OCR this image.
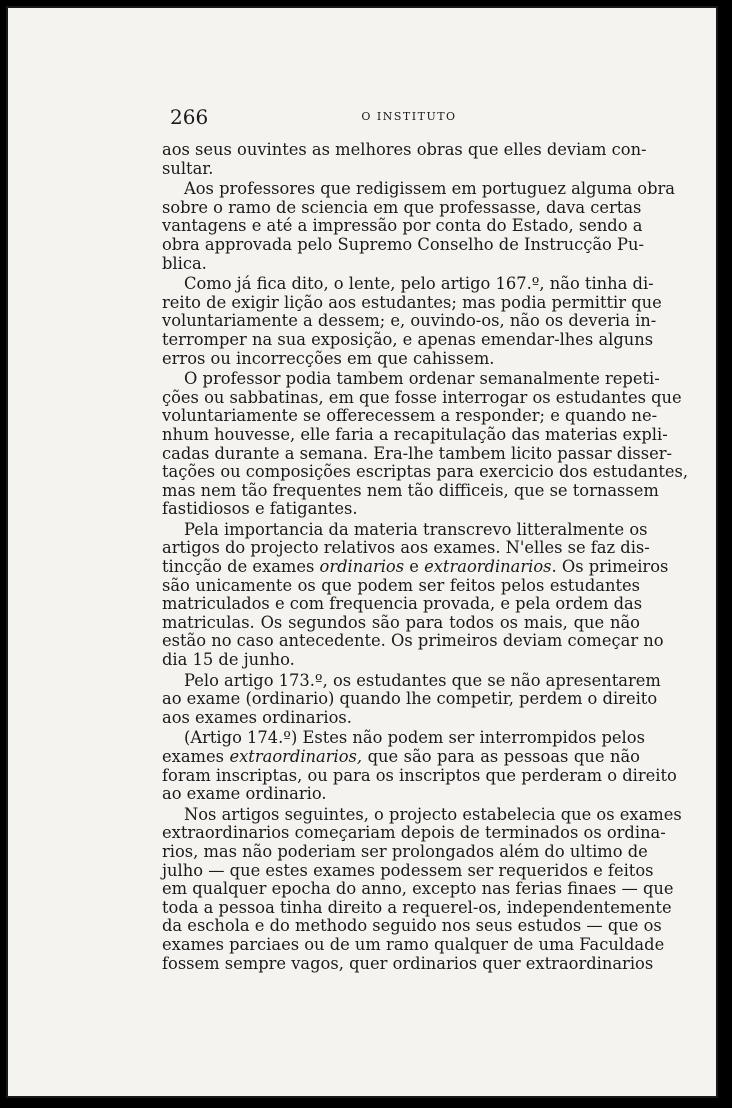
266	O INSTITUTO
aos seus ouvintes as melhores obras que elles deviam con-
sultar.
Aos professores que redigissem em portuguez alguma obra
sobre o ramo de sciencia em que professasse, dava certas
vantagens e até a impressão por conta do Estado, sendo a
obra approvada pelo Supremo Conselho de Instrucção Pu-
blica.
Como já fica dito, o lente, pelo artigo 167.º, não tinha di-
reito de exigir lição aos estudantes; mas podia permittir que
voluntariamente a dessem; e, ouvindo-os, não os deveria in-
terromper na sua exposição, e apenas emendar-lhes alguns
erros ou incorrecções em que cahissem.
O professor podia tambem ordenar semanalmente repeti-
ções ou sabbatinas, em que fosse interrogar os estudantes que
voluntariamente se offerecessem a responder; e quando ne-
nhum houvesse, elle faria a recapitulação das materias expli-
cadas durante a semana. Era-lhe tambem licito passar disser-
tações ou composições escriptas para exercicio dos estudantes,
mas nem tão frequentes nem tão difficeis, que se tornassem
fastidiosos e fatigantes.
Pela importancia da materia transcrevo litteralmente os
artigos do projecto relativos aos exames. N'elles se faz dis-
tincção de exames ordinarios e extraordinarios. Os primeiros
são unicamente os que podem ser feitos pelos estudantes
matriculados e com frequencia provada, e pela ordem das
matriculas. Os segundos são para todos os mais, que não
estão no caso antecedente. Os primeiros deviam começar no
dia 15 de junho.
Pelo artigo 173.º, os estudantes que se não apresentarem
ao exame (ordinario) quando lhe competir, perdem o direito
aos exames ordinarios.
(Artigo 174.º) Estes não podem ser interrompidos pelos
exames extraordinarios, que são para as pessoas que não
foram inscriptas, ou para os inscriptos que perderam o direito
ao exame ordinario.
Nos artigos seguintes, o projecto estabelecia que os exames
extraordinarios começariam depois de terminados os ordina-
rios, mas não poderiam ser prolongados além do ultimo de
julho — que estes exames podessem ser requeridos e feitos
em qualquer epocha do anno, excepto nas ferias finaes — que
toda a pessoa tinha direito a requerel-os, independentemente
da eschola e do methodo seguido nos seus estudos — que os
exames parciaes ou de um ramo qualquer de uma Faculdade
fossem sempre vagos, quer ordinarios quer extraordinarios
